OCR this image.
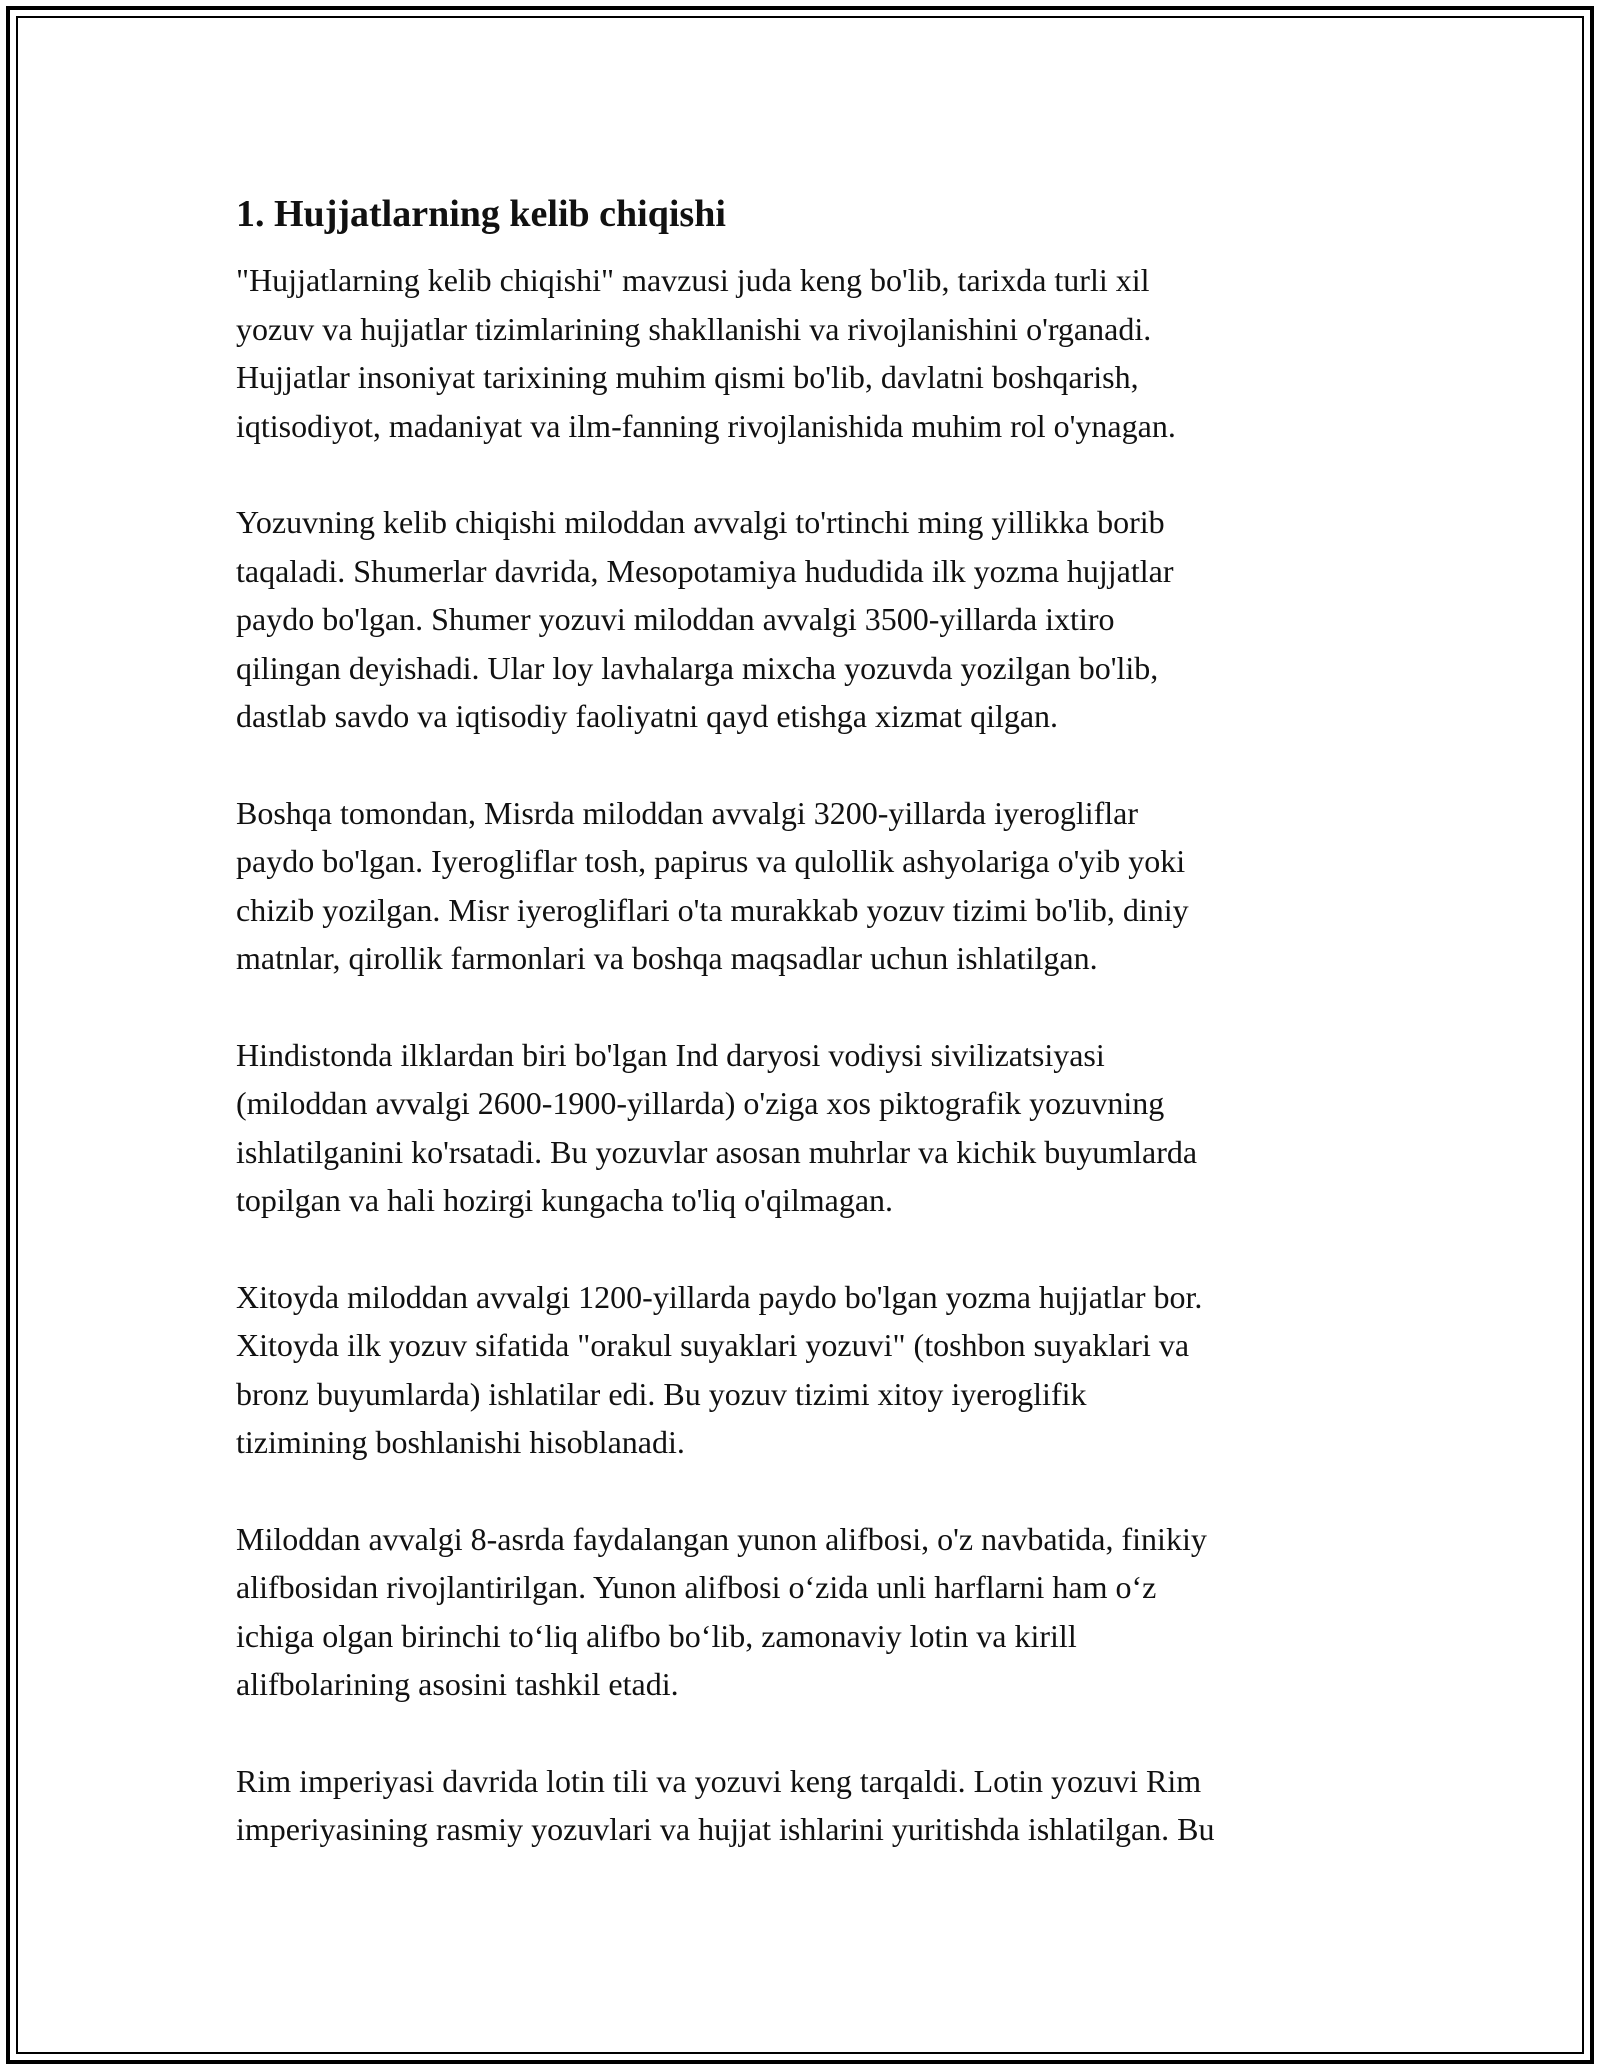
1. Hujjatlarning kelib chiqishi
"Hujjatlarning kelib chiqishi" mavzusi juda keng bo'lib, tarixda turli xil
yozuv va hujjatlar tizimlarining shakllanishi va rivojlanishini o'rganadi.
Hujjatlar insoniyat tarixining muhim qismi bo'lib, davlatni boshqarish,
iqtisodiyot, madaniyat va ilm-fanning rivojlanishida muhim rol o'ynagan.
Yozuvning kelib chiqishi miloddan avvalgi to'rtinchi ming yillikka borib
taqaladi. Shumerlar davrida, Mesopotamiya hududida ilk yozma hujjatlar
paydo bo'lgan. Shumer yozuvi miloddan avvalgi 3500-yillarda ixtiro
qilingan deyishadi. Ular loy lavhalarga mixcha yozuvda yozilgan bo'lib,
dastlab savdo va iqtisodiy faoliyatni qayd etishga xizmat qilgan.
Boshqa tomondan, Misrda miloddan avvalgi 3200-yillarda iyerogliflar
paydo bo'lgan. Iyerogliflar tosh, papirus va qulollik ashyolariga o'yib yoki
chizib yozilgan. Misr iyerogliflari o'ta murakkab yozuv tizimi bo'lib, diniy
matnlar, qirollik farmonlari va boshqa maqsadlar uchun ishlatilgan.
Hindistonda ilklardan biri bo'lgan Ind daryosi vodiysi sivilizatsiyasi
(miloddan avvalgi 2600-1900-yillarda) o'ziga xos piktografik yozuvning
ishlatilganini ko'rsatadi. Bu yozuvlar asosan muhrlar va kichik buyumlarda
topilgan va hali hozirgi kungacha to'liq o'qilmagan.
Xitoyda miloddan avvalgi 1200-yillarda paydo bo'lgan yozma hujjatlar bor.
Xitoyda ilk yozuv sifatida "orakul suyaklari yozuvi" (toshbon suyaklari va
bronz buyumlarda) ishlatilar edi. Bu yozuv tizimi xitoy iyeroglifik
tizimining boshlanishi hisoblanadi.
Miloddan avvalgi 8-asrda faydalangan yunon alifbosi, o'z navbatida, finikiy
alifbosidan rivojlantirilgan. Yunon alifbosi o‘zida unli harflarni ham o‘z
ichiga olgan birinchi to‘liq alifbo bo‘lib, zamonaviy lotin va kirill
alifbolarining asosini tashkil etadi.
Rim imperiyasi davrida lotin tili va yozuvi keng tarqaldi. Lotin yozuvi Rim
imperiyasining rasmiy yozuvlari va hujjat ishlarini yuritishda ishlatilgan. Bu
